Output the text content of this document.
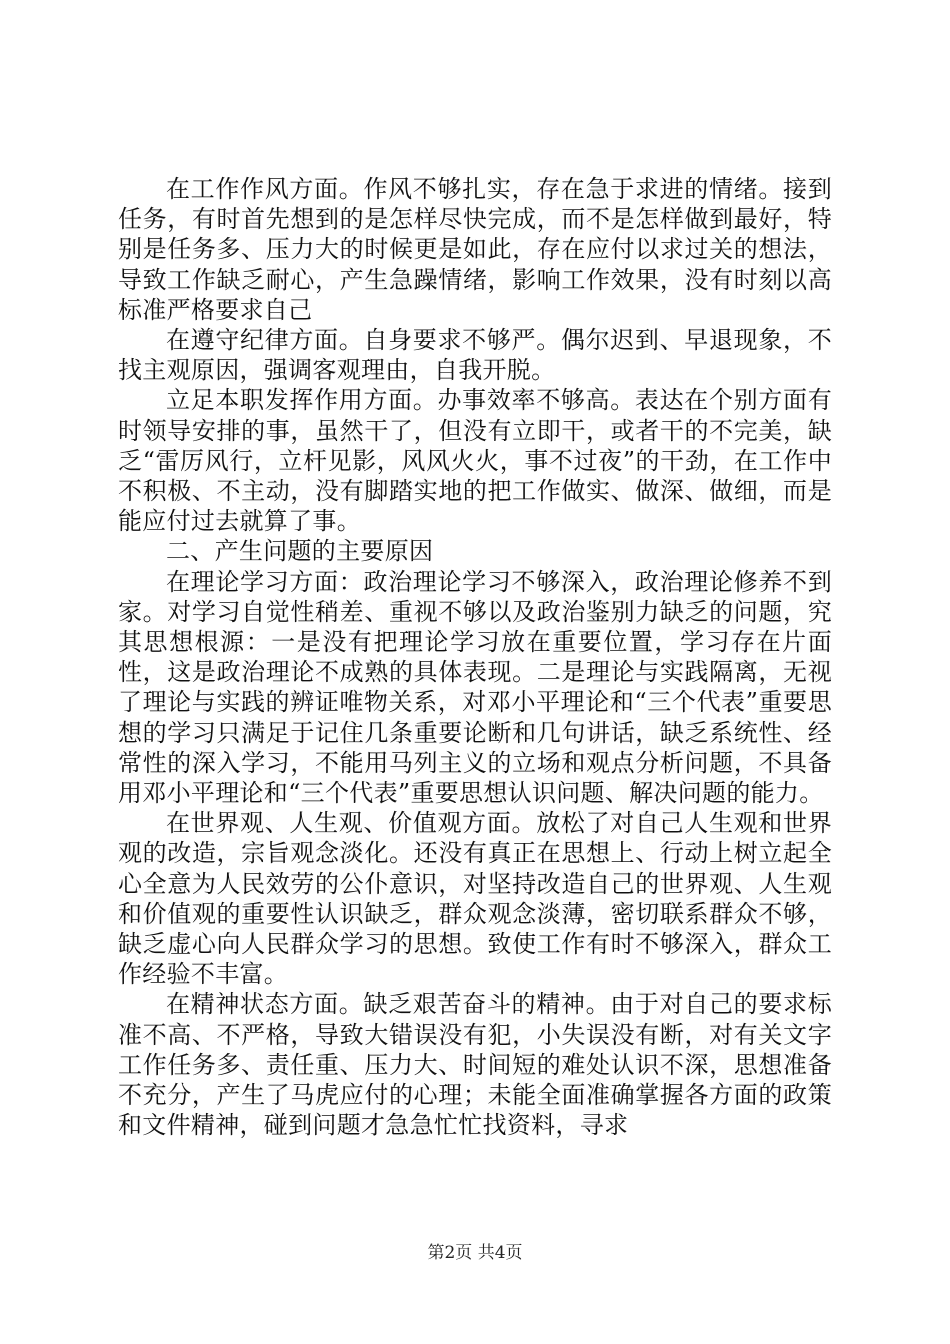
在工作作风方面。作风不够扎实，存在急于求进的情绪。接到任务，有时首先想到的是怎样尽快完成，而不是怎样做到最好，特别是任务多、压力大的时候更是如此，存在应付以求过关的想法，导致工作缺乏耐心，产生急躁情绪，影响工作效果，没有时刻以高标准严格要求自己

在遵守纪律方面。自身要求不够严。偶尔迟到、早退现象，不找主观原因，强调客观理由，自我开脱。

立足本职发挥作用方面。办事效率不够高。表达在个别方面有时领导安排的事，虽然干了，但没有立即干，或者干的不完美，缺乏“雷厉风行，立杆见影，风风火火，事不过夜”的干劲，在工作中不积极、不主动，没有脚踏实地的把工作做实、做深、做细，而是能应付过去就算了事。

二、产生问题的主要原因

在理论学习方面：政治理论学习不够深入，政治理论修养不到家。对学习自觉性稍差、重视不够以及政治鉴别力缺乏的问题，究其思想根源：一是没有把理论学习放在重要位置，学习存在片面性，这是政治理论不成熟的具体表现。二是理论与实践隔离，无视了理论与实践的辨证唯物关系，对邓小平理论和“三个代表”重要思想的学习只满足于记住几条重要论断和几句讲话，缺乏系统性、经常性的深入学习，不能用马列主义的立场和观点分析问题，不具备用邓小平理论和“三个代表”重要思想认识问题、解决问题的能力。

在世界观、人生观、价值观方面。放松了对自己人生观和世界观的改造，宗旨观念淡化。还没有真正在思想上、行动上树立起全心全意为人民效劳的公仆意识，对坚持改造自己的世界观、人生观和价值观的重要性认识缺乏，群众观念淡薄，密切联系群众不够，缺乏虚心向人民群众学习的思想。致使工作有时不够深入，群众工作经验不丰富。

在精神状态方面。缺乏艰苦奋斗的精神。由于对自己的要求标准不高、不严格，导致大错误没有犯，小失误没有断，对有关文字工作任务多、责任重、压力大、时间短的难处认识不深，思想准备不充分，产生了马虎应付的心理；未能全面准确掌握各方面的政策和文件精神，碰到问题才急急忙忙找资料，寻求

第2页 共4页
